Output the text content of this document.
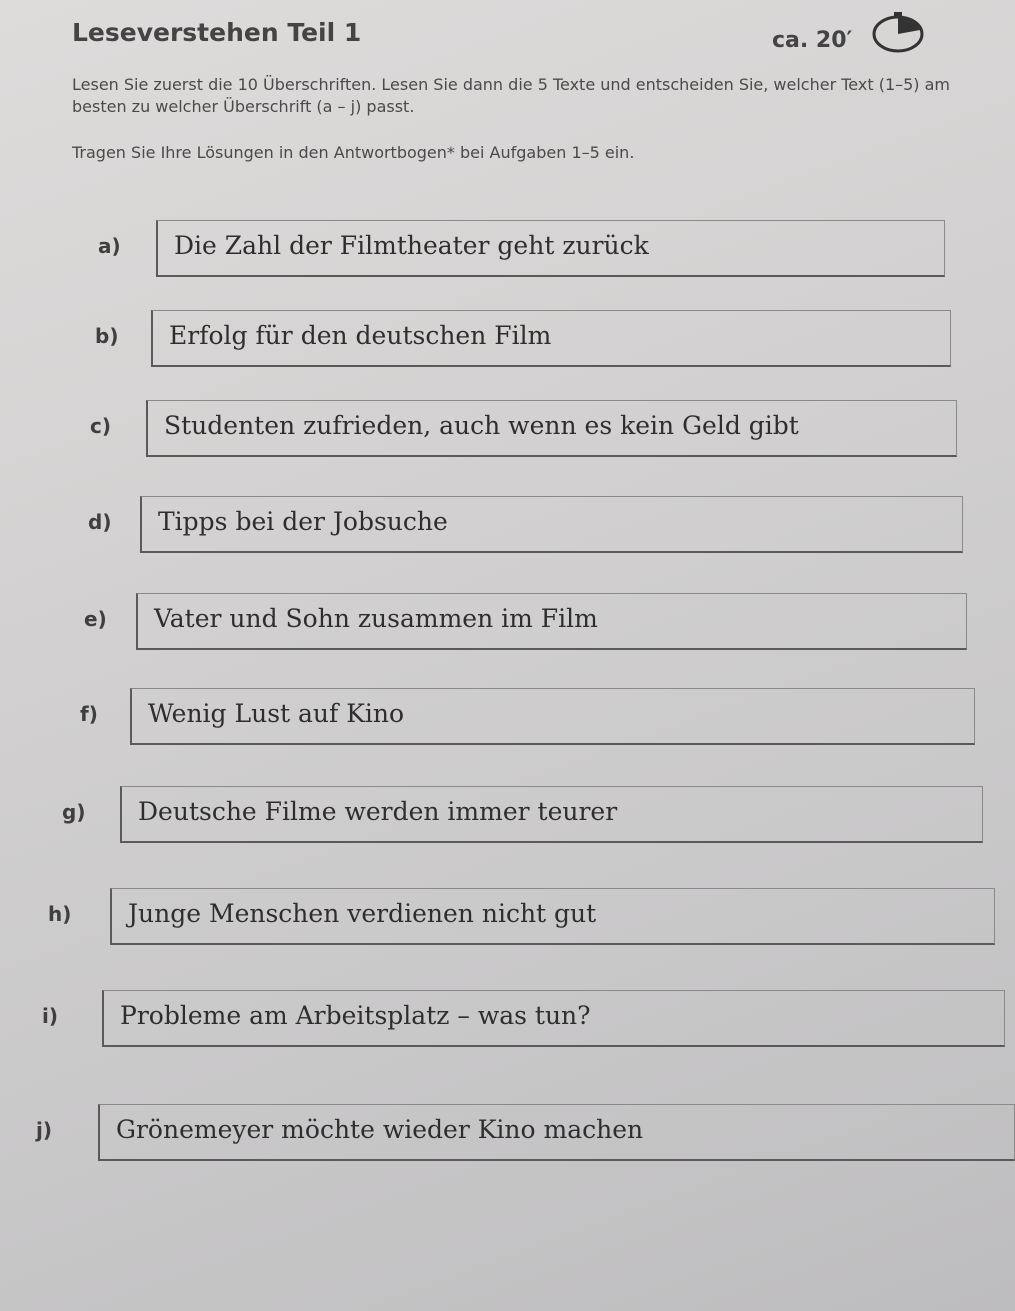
Leseverstehen Teil 1	ca. 20′
Lesen Sie zuerst die 10 Überschriften. Lesen Sie dann die 5 Texte und entscheiden Sie, welcher Text (1–5) am besten zu welcher Überschrift (a – j) passt.
Tragen Sie Ihre Lösungen in den Antwortbogen* bei Aufgaben 1–5 ein.
a) Die Zahl der Filmtheater geht zurück
b) Erfolg für den deutschen Film
c) Studenten zufrieden, auch wenn es kein Geld gibt
d) Tipps bei der Jobsuche
e) Vater und Sohn zusammen im Film
f) Wenig Lust auf Kino
g) Deutsche Filme werden immer teurer
h) Junge Menschen verdienen nicht gut
i) Probleme am Arbeitsplatz – was tun?
j)	Grönemeyer möchte wieder Kino machen
